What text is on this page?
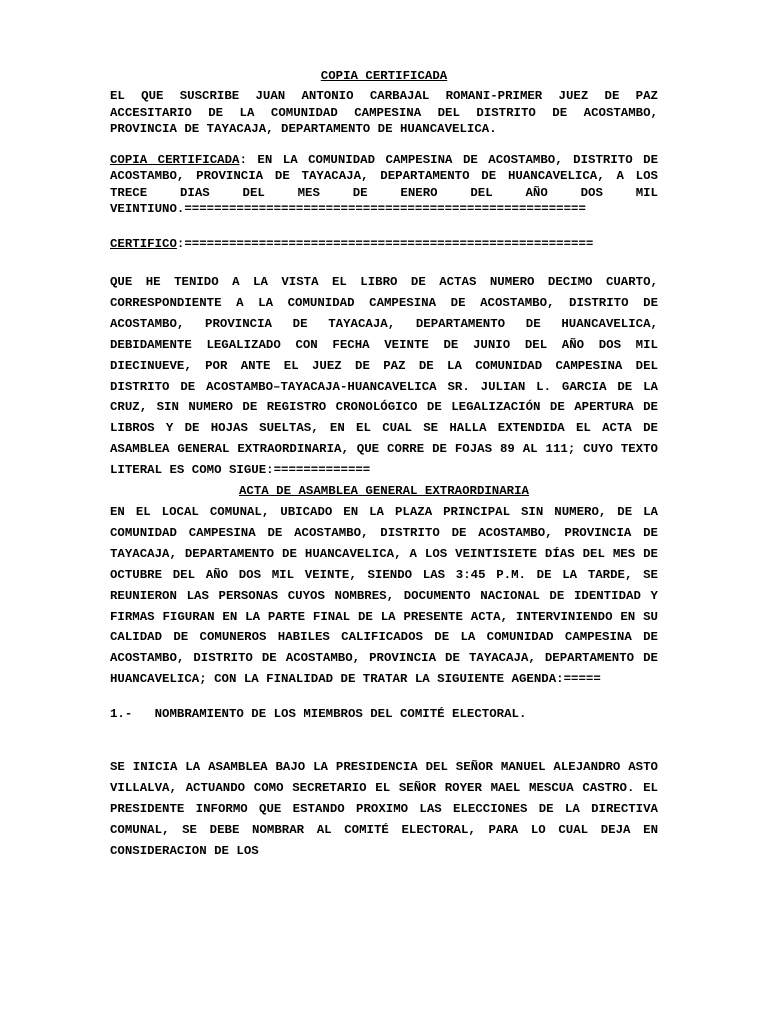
COPIA CERTIFICADA
EL QUE SUSCRIBE JUAN ANTONIO CARBAJAL ROMANI-PRIMER JUEZ DE PAZ ACCESITARIO DE LA COMUNIDAD CAMPESINA DEL DISTRITO DE ACOSTAMBO, PROVINCIA DE TAYACAJA, DEPARTAMENTO DE HUANCAVELICA.
COPIA CERTIFICADA: EN LA COMUNIDAD CAMPESINA DE ACOSTAMBO, DISTRITO DE ACOSTAMBO, PROVINCIA DE TAYACAJA, DEPARTAMENTO DE HUANCAVELICA, A LOS TRECE DIAS DEL MES DE ENERO DEL AÑO DOS MIL VEINTIUNO.======================================================
CERTIFICO:=======================================================
QUE HE TENIDO A LA VISTA EL LIBRO DE ACTAS NUMERO DECIMO CUARTO, CORRESPONDIENTE A LA COMUNIDAD CAMPESINA DE ACOSTAMBO, DISTRITO DE ACOSTAMBO, PROVINCIA DE TAYACAJA, DEPARTAMENTO DE HUANCAVELICA, DEBIDAMENTE LEGALIZADO CON FECHA VEINTE DE JUNIO DEL AÑO DOS MIL DIECINUEVE, POR ANTE EL JUEZ DE PAZ DE LA COMUNIDAD CAMPESINA DEL DISTRITO DE ACOSTAMBO–TAYACAJA-HUANCAVELICA SR. JULIAN L. GARCIA DE LA CRUZ, SIN NUMERO DE REGISTRO CRONOLÓGICO DE LEGALIZACIÓN DE APERTURA DE LIBROS Y DE HOJAS SUELTAS, EN EL CUAL SE HALLA EXTENDIDA EL ACTA DE ASAMBLEA GENERAL EXTRAORDINARIA, QUE CORRE DE FOJAS 89 AL 111; CUYO TEXTO LITERAL ES COMO SIGUE:=============
ACTA DE ASAMBLEA GENERAL EXTRAORDINARIA
EN EL LOCAL COMUNAL, UBICADO EN LA PLAZA PRINCIPAL SIN NUMERO, DE LA COMUNIDAD CAMPESINA DE ACOSTAMBO, DISTRITO DE ACOSTAMBO, PROVINCIA DE TAYACAJA, DEPARTAMENTO DE HUANCAVELICA, A LOS VEINTISIETE DÍAS DEL MES DE OCTUBRE DEL AÑO DOS MIL VEINTE, SIENDO LAS 3:45 P.M. DE LA TARDE, SE REUNIERON LAS PERSONAS CUYOS NOMBRES, DOCUMENTO NACIONAL DE IDENTIDAD Y FIRMAS FIGURAN EN LA PARTE FINAL DE LA PRESENTE ACTA, INTERVINIENDO EN SU CALIDAD DE COMUNEROS HABILES CALIFICADOS DE LA COMUNIDAD CAMPESINA DE ACOSTAMBO, DISTRITO DE ACOSTAMBO, PROVINCIA DE TAYACAJA, DEPARTAMENTO DE HUANCAVELICA; CON LA FINALIDAD DE TRATAR LA SIGUIENTE AGENDA:=====
1.-   NOMBRAMIENTO DE LOS MIEMBROS DEL COMITÉ ELECTORAL.
SE INICIA LA ASAMBLEA BAJO LA PRESIDENCIA DEL SEÑOR MANUEL ALEJANDRO ASTO VILLALVA, ACTUANDO COMO SECRETARIO EL SEÑOR ROYER MAEL MESCUA CASTRO. EL PRESIDENTE INFORMO QUE ESTANDO PROXIMO LAS ELECCIONES DE LA DIRECTIVA COMUNAL, SE DEBE NOMBRAR AL COMITÉ ELECTORAL, PARA LO CUAL DEJA EN CONSIDERACION DE LOS
